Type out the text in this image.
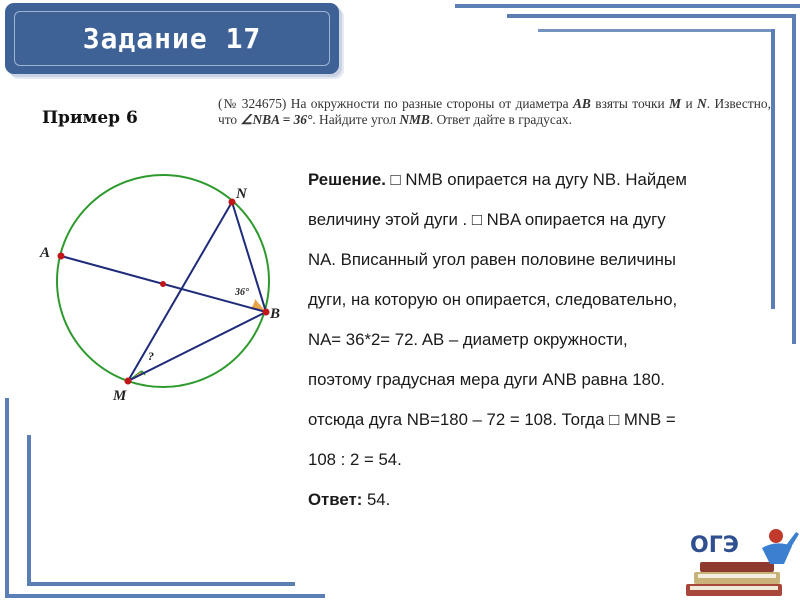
Задание 17
Пример 6
(№ 324675) На окружности по разные стороны от диаметра AB взяты точки M и N. Известно, что ∠NBA = 36°. Найдите угол NMB. Ответ дайте в градусах.
A
N
B
M
36°
?
Решение. □ NMB опирается на дугу NB. Найдем
величину этой дуги . □ NBA опирается на дугу
NA. Вписанный угол равен половине величины
дуги, на которую он опирается, следовательно,
NA= 36*2= 72. AB – диаметр окружности,
поэтому градусная мера дуги ANB равна 180.
отсюда дуга NB=180 – 72 = 108. Тогда □ MNB =
108 : 2 = 54.
Ответ: 54.
ОГЭ
